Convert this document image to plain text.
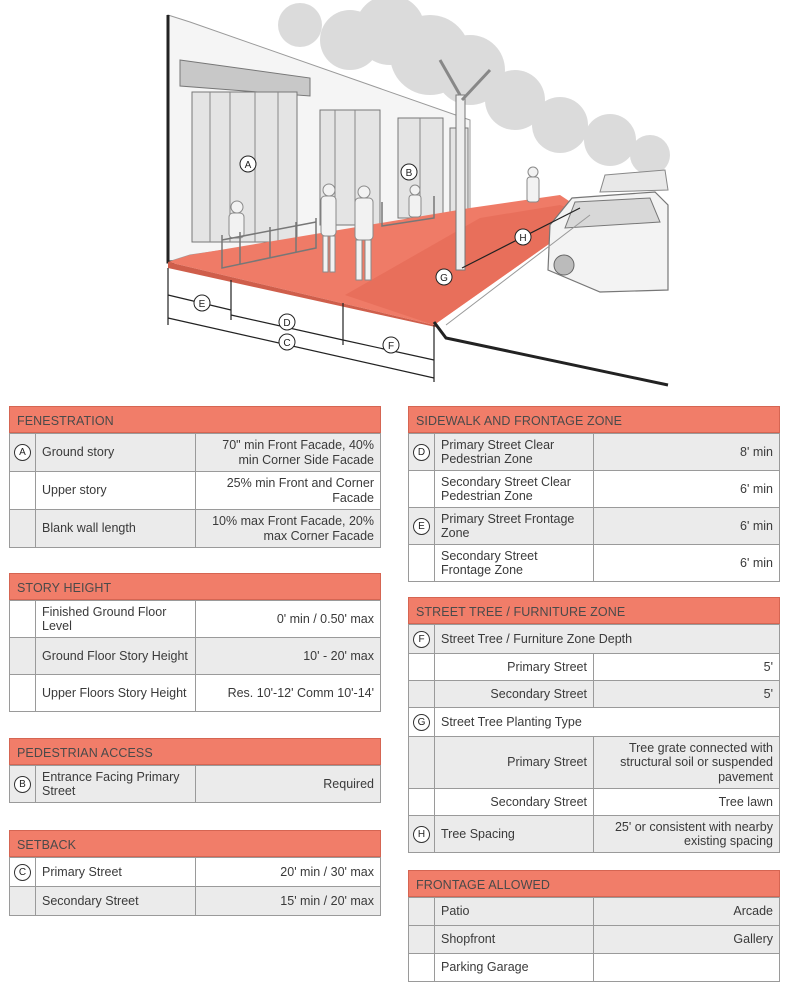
A
B
E
D
C	F
G
H
FENESTRATION
A	Ground story	70" min Front Facade, 40% min Corner Side Facade
	Upper story	25% min Front and Corner Facade
	Blank wall length	10% max Front Facade, 20% max Corner Facade
STORY HEIGHT
	Finished Ground Floor Level	0' min / 0.50' max
	Ground Floor Story Height	10' - 20' max
	Upper Floors Story Height	Res. 10'-12' Comm 10'-14'
PEDESTRIAN ACCESS
B	Entrance Facing Primary Street	Required
SETBACK
C	Primary Street	20' min / 30' max
	Secondary Street	15' min / 20' max
SIDEWALK AND FRONTAGE ZONE
D	Primary Street Clear Pedestrian Zone	8' min
	Secondary Street Clear Pedestrian Zone	6' min
E	Primary Street Frontage Zone	6' min
	Secondary Street Frontage Zone	6' min
STREET TREE / FURNITURE ZONE
F	Street Tree / Furniture Zone Depth	
	Primary Street	5'
	Secondary Street	5'
G	Street Tree Planting Type	
	Primary Street	Tree grate connected with structural soil or suspended pavement
	Secondary Street	Tree lawn
H	Tree Spacing	25' or consistent with nearby existing spacing
FRONTAGE ALLOWED
	Patio	Arcade
	Shopfront	Gallery
	Parking Garage	
